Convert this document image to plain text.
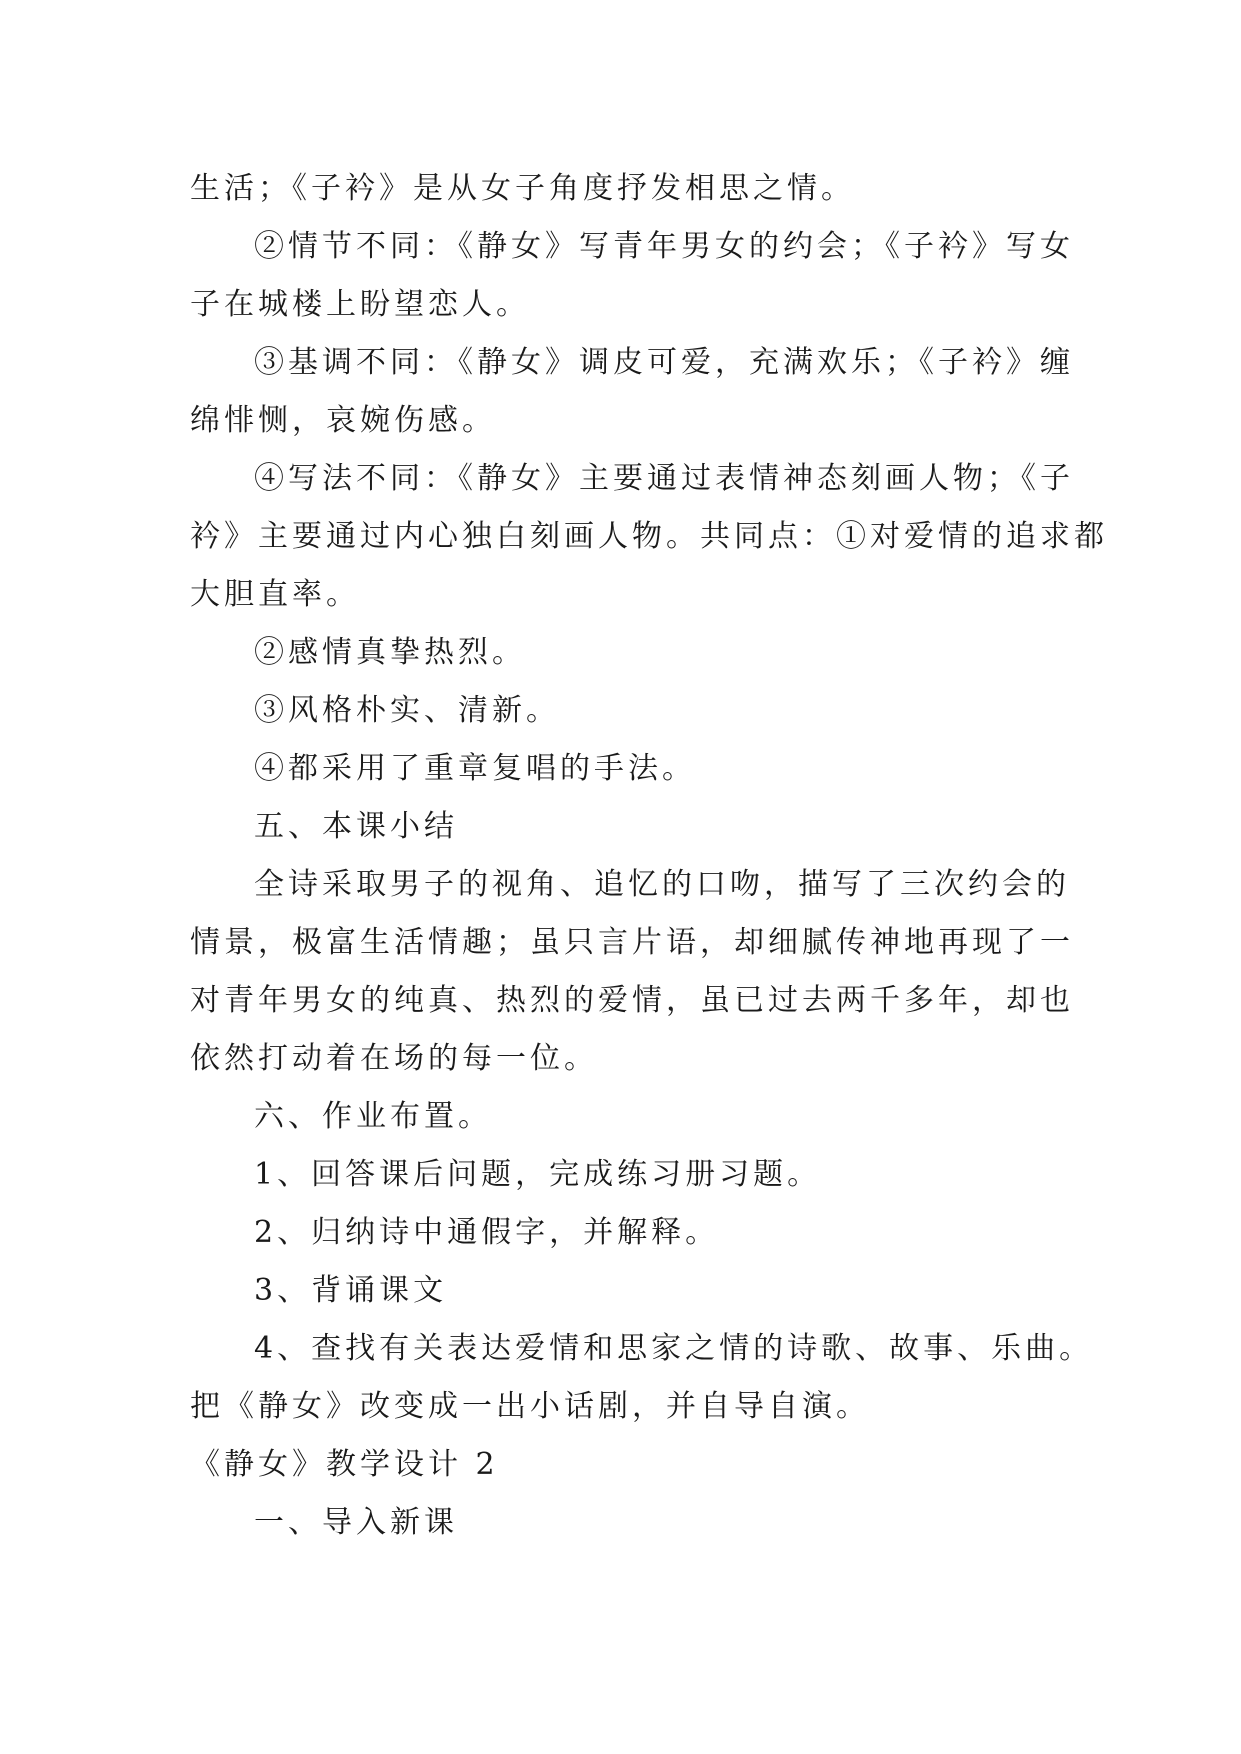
生活；《子衿》是从女子角度抒发相思之情。
②情节不同：《静女》写青年男女的约会；《子衿》写女
子在城楼上盼望恋人。
③基调不同：《静女》调皮可爱，充满欢乐；《子衿》缠
绵悱恻，哀婉伤感。
④写法不同：《静女》主要通过表情神态刻画人物；《子
衿》主要通过内心独白刻画人物。共同点：①对爱情的追求都
大胆直率。
②感情真挚热烈。
③风格朴实、清新。
④都采用了重章复唱的手法。
五、本课小结
全诗采取男子的视角、追忆的口吻，描写了三次约会的
情景，极富生活情趣；虽只言片语，却细腻传神地再现了一
对青年男女的纯真、热烈的爱情，虽已过去两千多年，却也
依然打动着在场的每一位。
六、作业布置。
1、回答课后问题，完成练习册习题。
2、归纳诗中通假字，并解释。
3、背诵课文
4、查找有关表达爱情和思家之情的诗歌、故事、乐曲。
把《静女》改变成一出小话剧，并自导自演。
《静女》教学设计 2
一、导入新课
